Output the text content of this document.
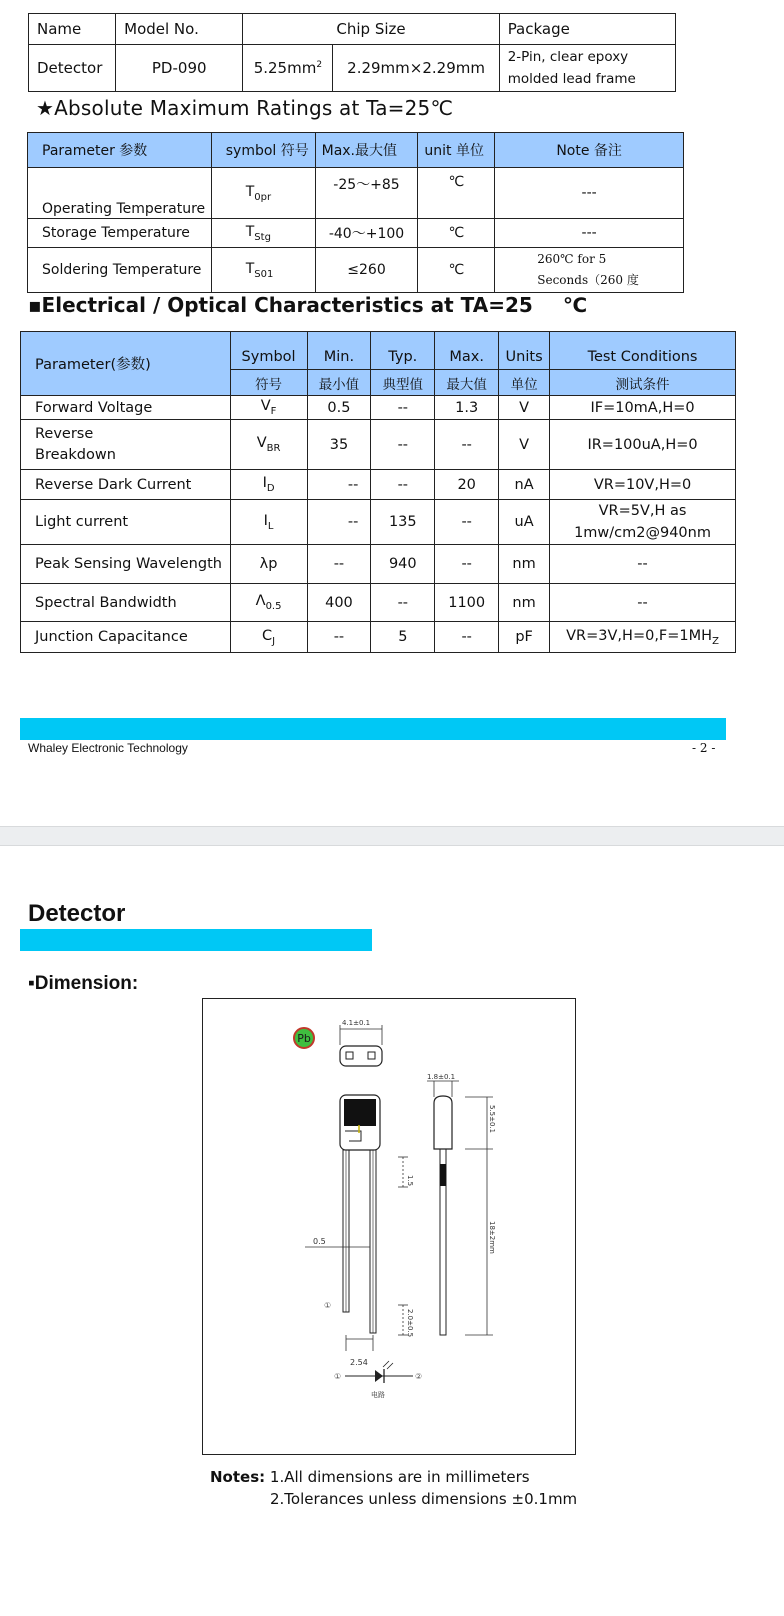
Name	Model No.	Chip Size		Package
Detector	PD-090	$5.25mm^2$	2.29mm×2.29mm	2-Pin, clear epoxy
molded lead frame
★Absolute Maximum Ratings at Ta=25℃
Parameter 参数	symbol 符号	Max.最大值	unit 单位	Note 备注
Operating Temperature	$T_{0pr}$	-25～+85	℃	---
Storage Temperature	$T_{Stg}$	-40～+100	℃	---

Soldering Temperature	$T_{S01}$	≤260	℃	260℃ for 5
Seconds（260 度
▪Electrical / Optical Characteristics at TA=25 ℃
Parameter(参数)	Symbol	Min.	Typ.	Max.	Units	Test Conditions
	符号	最小值	典型值	最大值	单位	测试条件
Forward Voltage	$V_F$	0.5	--	1.3	V	IF=10mA,H=0

Reverse
Breakdown	$V_{BR}$	35	--	--	V	IR=100uA,H=0
Reverse Dark Current	$I_D$	--	--	20	nA	VR=10V,H=0
Light current	$I_L$	--	135	--	uA	VR=5V,H as
1mw/cm2@940nm

Peak Sensing Wavelength	λp	--	940	--	nm	--
Spectral Bandwidth	$\Lambda_{0.5}$	400	--	1100	nm	--
Junction Capacitance	$C_J$	--	5	--	pF	$VR=3V,H=0,F=1MH_Z$
Whaley Electronic Technology	- 2 -
Detector
▪Dimension:
Pb
4.1±0.1
1.5
0.5
①
2.0±0.5
2.54
1.8±0.1
5.5±0.1
18±2mm
①	②
电路
Notes: 1.All dimensions are in millimeters
2.Tolerances unless dimensions ±0.1mm
